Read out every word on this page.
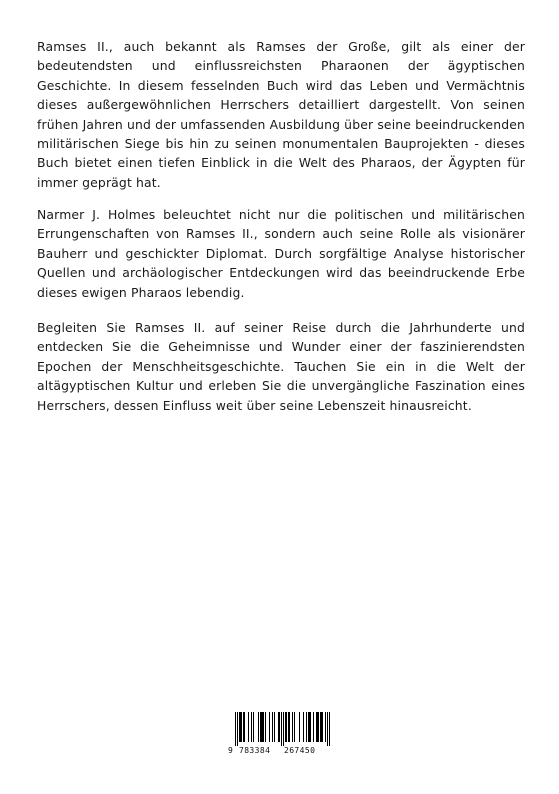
Ramses II., auch bekannt als Ramses der Große, gilt als einer der bedeutendsten und einflussreichsten Pharaonen der ägyptischen Geschichte. In diesem fesselnden Buch wird das Leben und Vermächtnis dieses außergewöhnlichen Herrschers detailliert dargestellt. Von seinen frühen Jahren und der umfassenden Ausbildung über seine beeindruckenden militärischen Siege bis hin zu seinen monumentalen Bauprojekten - dieses Buch bietet einen tiefen Einblick in die Welt des Pharaos, der Ägypten für immer geprägt hat.

Narmer J. Holmes beleuchtet nicht nur die politischen und militärischen Errungenschaften von Ramses II., sondern auch seine Rolle als visionärer Bauherr und geschickter Diplomat. Durch sorgfältige Analyse historischer Quellen und archäologischer Entdeckungen wird das beeindruckende Erbe dieses ewigen Pharaos lebendig.

Begleiten Sie Ramses II. auf seiner Reise durch die Jahrhunderte und entdecken Sie die Geheimnisse und Wunder einer der faszinierendsten Epochen der Menschheitsgeschichte. Tauchen Sie ein in die Welt der altägyptischen Kultur und erleben Sie die unvergängliche Faszination eines Herrschers, dessen Einfluss weit über seine Lebenszeit hinausreicht.

9 783384 267450
